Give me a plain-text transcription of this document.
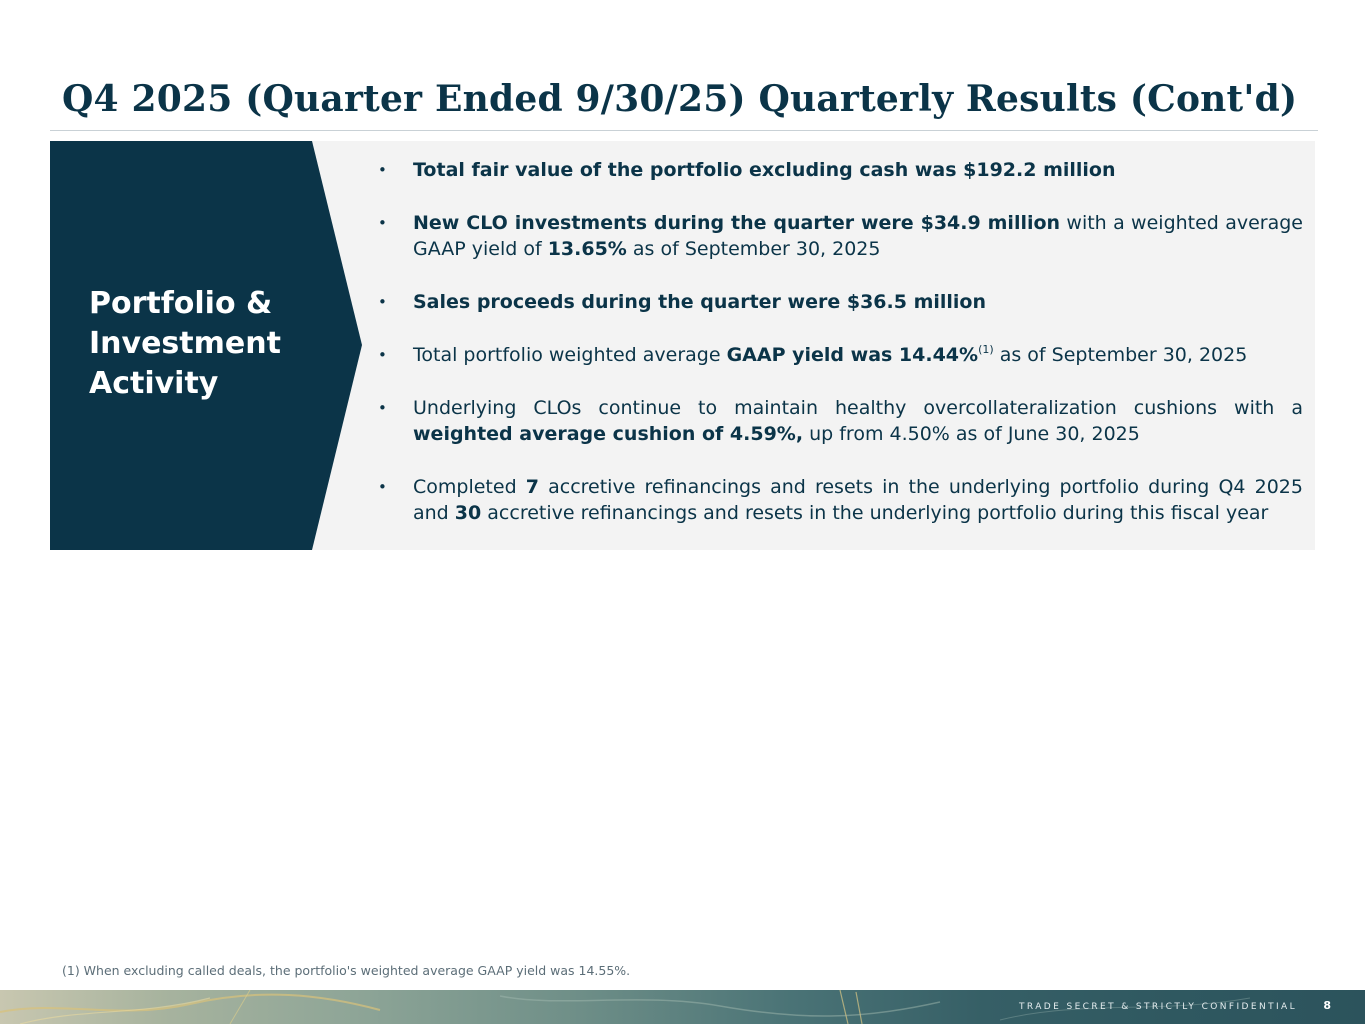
Q4 2025 (Quarter Ended 9/30/25) Quarterly Results (Cont'd)
Portfolio & Investment Activity
• Total fair value of the portfolio excluding cash was $192.2 million
• New CLO investments during the quarter were $34.9 million with a weighted average GAAP yield of 13.65% as of September 30, 2025
• Sales proceeds during the quarter were $36.5 million
• Total portfolio weighted average GAAP yield was 14.44%$^{(1)}$ as of September 30, 2025
• Underlying CLOs continue to maintain healthy overcollateralization cushions with a weighted average cushion of 4.59%, up from 4.50% as of June 30, 2025
• Completed 7 accretive refinancings and resets in the underlying portfolio during Q4 2025 and 30 accretive refinancings and resets in the underlying portfolio during this fiscal year

(1) When excluding called deals, the portfolio's weighted average GAAP yield was 14.55%.

TRADE SECRET & STRICTLY CONFIDENTIAL 8
